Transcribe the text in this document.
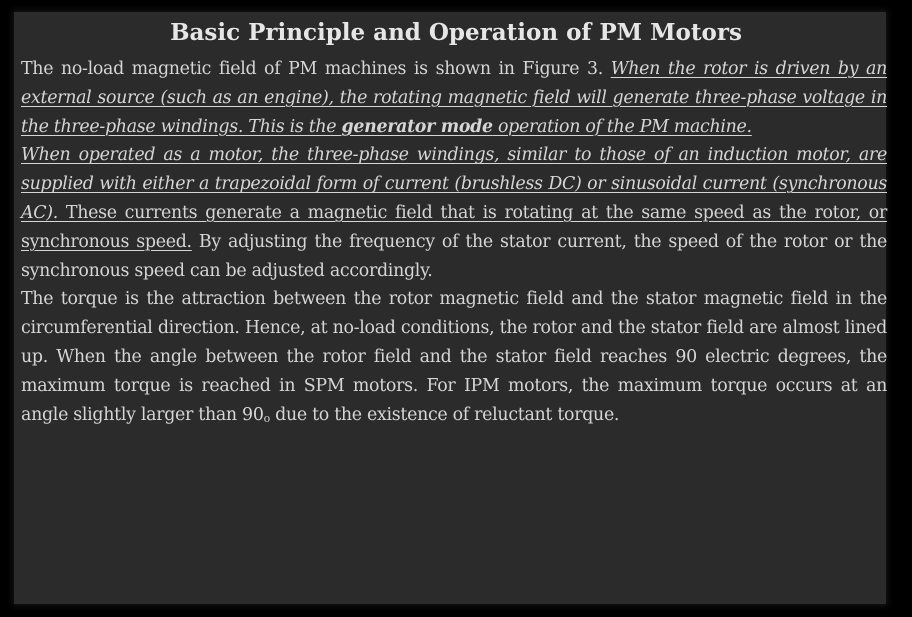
Basic Principle and Operation of PM Motors

The no-load magnetic field of PM machines is shown in Figure 3. When the rotor is driven by an external source (such as an engine), the rotating magnetic field will generate three-phase voltage in the three-phase windings. This is the generator mode operation of the PM machine.

When operated as a motor, the three-phase windings, similar to those of an induction motor, are supplied with either a trapezoidal form of current (brushless DC) or sinusoidal current (synchronous AC). These currents generate a magnetic field that is rotating at the same speed as the rotor, or synchronous speed. By adjusting the frequency of the stator current, the speed of the rotor or the synchronous speed can be adjusted accordingly.

The torque is the attraction between the rotor magnetic field and the stator magnetic field in the circumferential direction. Hence, at no-load conditions, the rotor and the stator field are almost lined up. When the angle between the rotor field and the stator field reaches 90 electric degrees, the maximum torque is reached in SPM motors. For IPM motors, the maximum torque occurs at an angle slightly larger than 90o due to the existence of reluctant torque.
